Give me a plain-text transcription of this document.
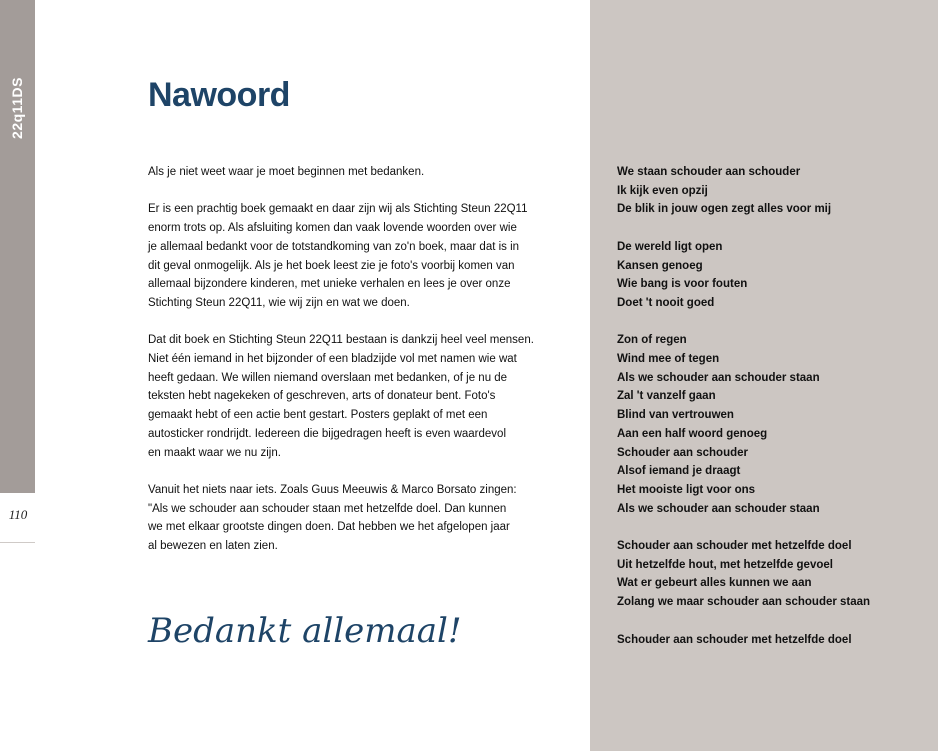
22q11DS
110
Nawoord

Als je niet weet waar je moet beginnen met bedanken.

Er is een prachtig boek gemaakt en daar zijn wij als Stichting Steun 22Q11
enorm trots op. Als afsluiting komen dan vaak lovende woorden over wie
je allemaal bedankt voor de totstandkoming van zo'n boek, maar dat is in
dit geval onmogelijk. Als je het boek leest zie je foto's voorbij komen van
allemaal bijzondere kinderen, met unieke verhalen en lees je over onze
Stichting Steun 22Q11, wie wij zijn en wat we doen.

Dat dit boek en Stichting Steun 22Q11 bestaan is dankzij heel veel mensen.
Niet één iemand in het bijzonder of een bladzijde vol met namen wie wat
heeft gedaan. We willen niemand overslaan met bedanken, of je nu de
teksten hebt nagekeken of geschreven, arts of donateur bent. Foto's
gemaakt hebt of een actie bent gestart. Posters geplakt of met een
autosticker rondrijdt. Iedereen die bijgedragen heeft is even waardevol
en maakt waar we nu zijn.

Vanuit het niets naar iets. Zoals Guus Meeuwis & Marco Borsato zingen:
"Als we schouder aan schouder staan met hetzelfde doel. Dan kunnen
we met elkaar grootste dingen doen. Dat hebben we het afgelopen jaar
al bewezen en laten zien.

Bedankt allemaal!
We staan schouder aan schouder
Ik kijk even opzij
De blik in jouw ogen zegt alles voor mij
De wereld ligt open
Kansen genoeg
Wie bang is voor fouten
Doet 't nooit goed
Zon of regen
Wind mee of tegen
Als we schouder aan schouder staan
Zal 't vanzelf gaan
Blind van vertrouwen
Aan een half woord genoeg
Schouder aan schouder
Alsof iemand je draagt
Het mooiste ligt voor ons
Als we schouder aan schouder staan
Schouder aan schouder met hetzelfde doel
Uit hetzelfde hout, met hetzelfde gevoel
Wat er gebeurt alles kunnen we aan
Zolang we maar schouder aan schouder staan
Schouder aan schouder met hetzelfde doel
